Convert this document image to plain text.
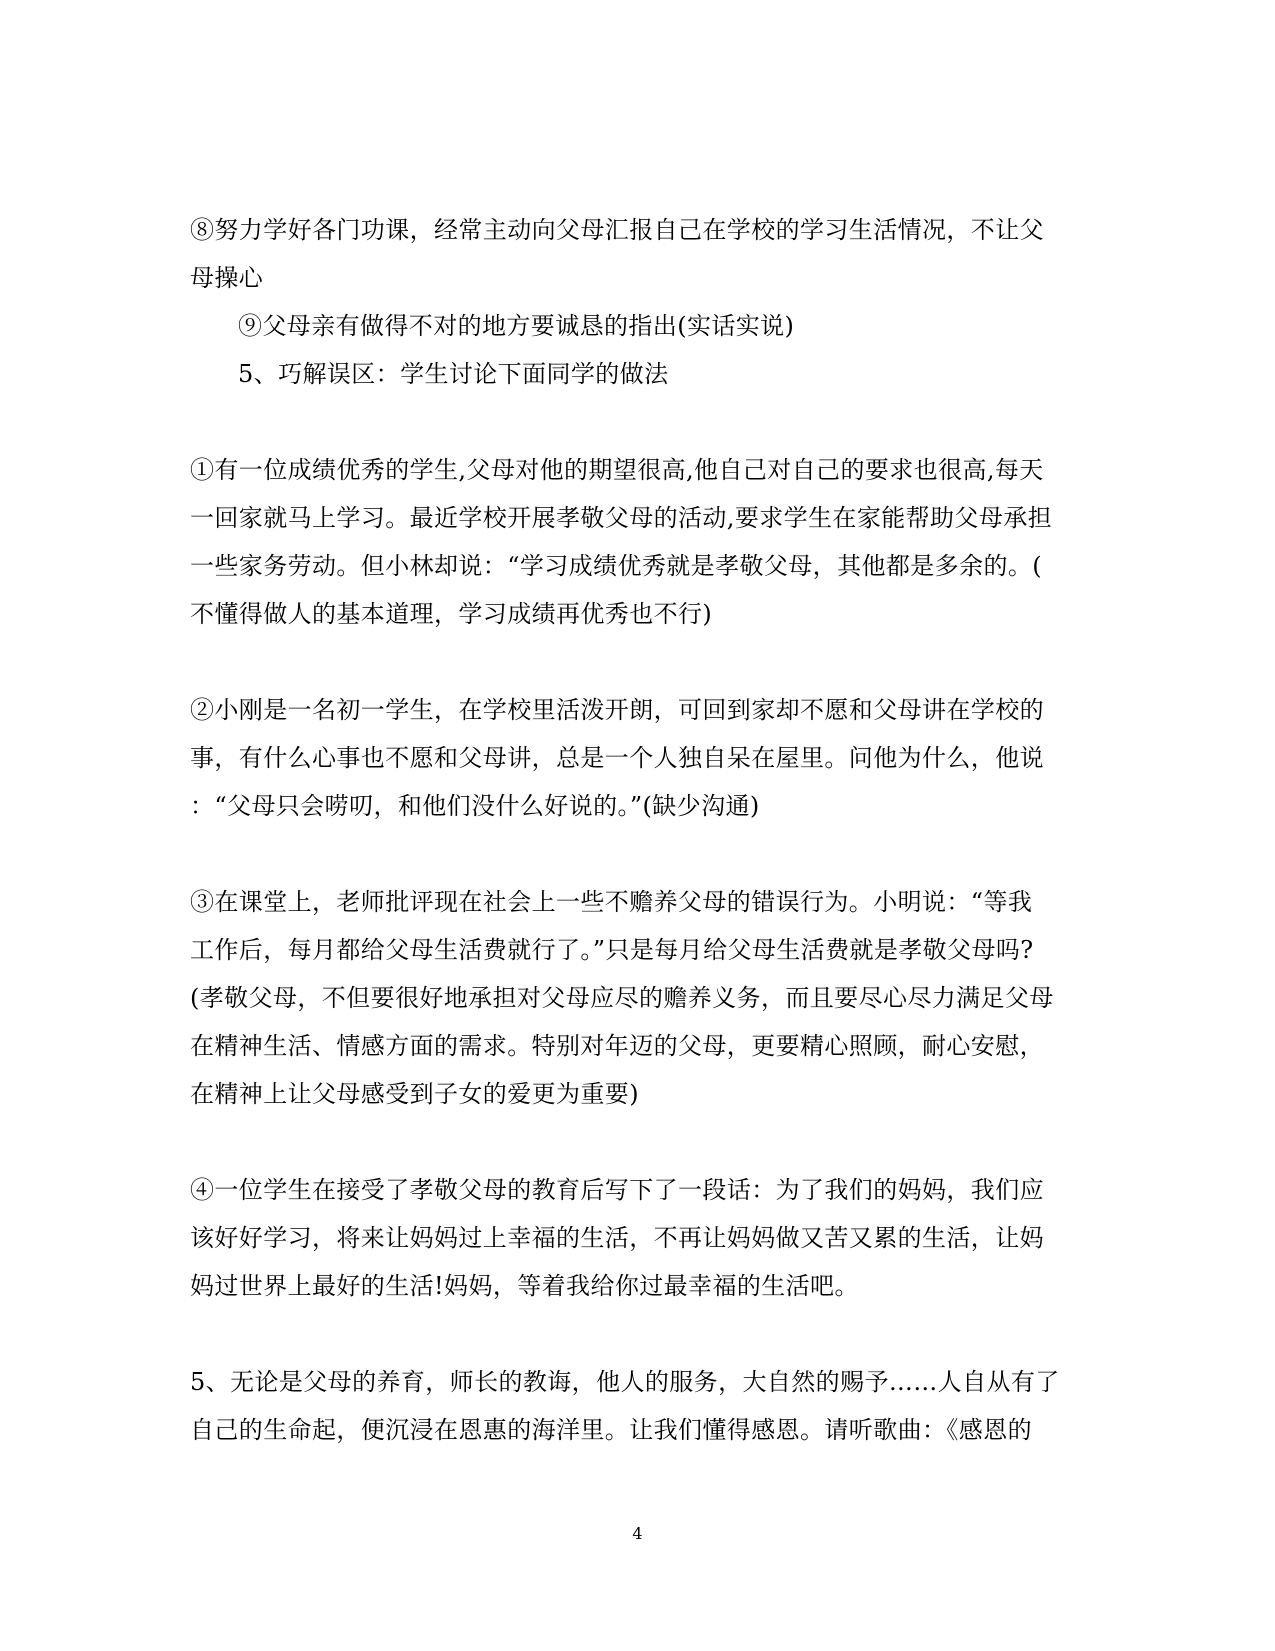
⑧努力学好各门功课，经常主动向父母汇报自己在学校的学习生活情况，不让父
母操心
⑨父母亲有做得不对的地方要诚恳的指出(实话实说)
5、巧解误区：学生讨论下面同学的做法
①有一位成绩优秀的学生,父母对他的期望很高,他自己对自己的要求也很高,每天
一回家就马上学习。最近学校开展孝敬父母的活动,要求学生在家能帮助父母承担
一些家务劳动。但小林却说：“学习成绩优秀就是孝敬父母，其他都是多余的。(
不懂得做人的基本道理，学习成绩再优秀也不行)
②小刚是一名初一学生，在学校里活泼开朗，可回到家却不愿和父母讲在学校的
事，有什么心事也不愿和父母讲，总是一个人独自呆在屋里。问他为什么，他说
：“父母只会唠叨，和他们没什么好说的。”(缺少沟通)
③在课堂上，老师批评现在社会上一些不赡养父母的错误行为。小明说：“等我
工作后，每月都给父母生活费就行了。”只是每月给父母生活费就是孝敬父母吗?
(孝敬父母，不但要很好地承担对父母应尽的赡养义务，而且要尽心尽力满足父母
在精神生活、情感方面的需求。特别对年迈的父母，更要精心照顾，耐心安慰，
在精神上让父母感受到子女的爱更为重要)
④一位学生在接受了孝敬父母的教育后写下了一段话：为了我们的妈妈，我们应
该好好学习，将来让妈妈过上幸福的生活，不再让妈妈做又苦又累的生活，让妈
妈过世界上最好的生活!妈妈，等着我给你过最幸福的生活吧。
5、无论是父母的养育，师长的教诲，他人的服务，大自然的赐予……人自从有了
自己的生命起，便沉浸在恩惠的海洋里。让我们懂得感恩。请听歌曲：《感恩的
4
